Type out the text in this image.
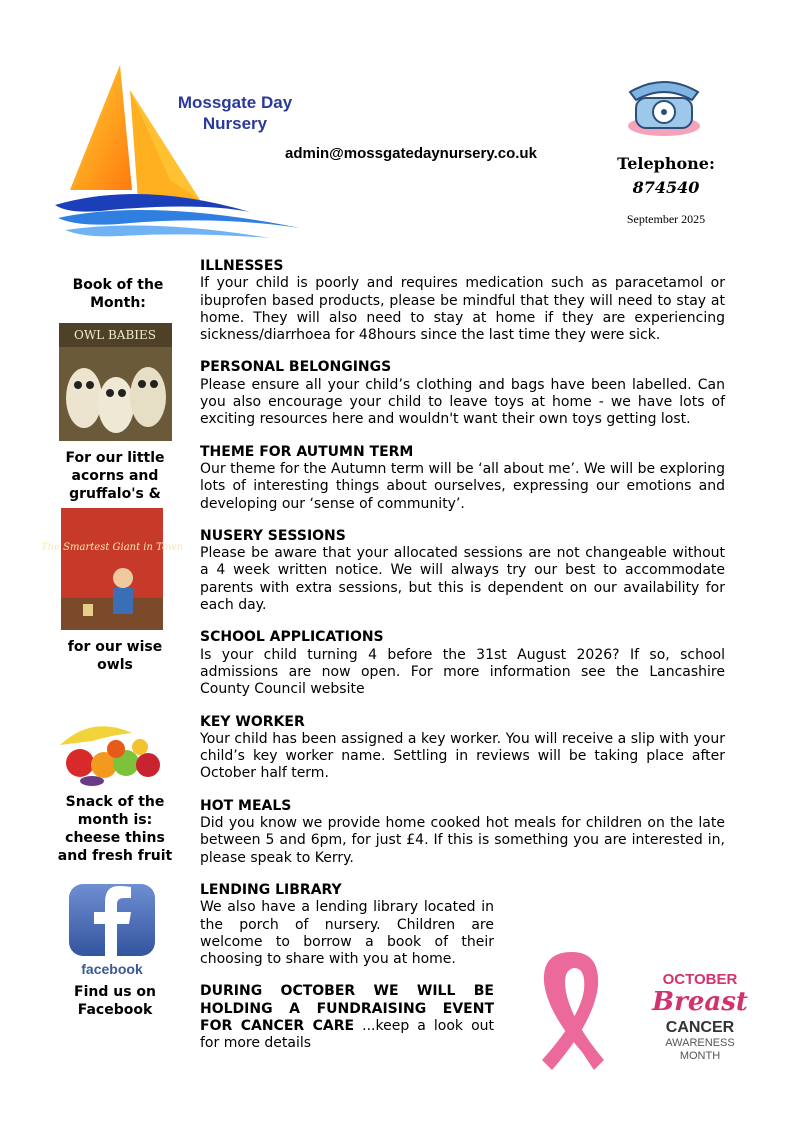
Mossgate Day
Nursery
admin@mossgatedaynursery.co.uk
Telephone:
874540
September 2025
Book of the Month:
OWL BABIES
For our little acorns and gruffalo's &
The Smartest Giant in Town
for our wise owls
Snack of the month is: cheese thins and fresh fruit
facebook
Find us on Facebook
ILLNESSES

If your child is poorly and requires medication such as paracetamol or ibuprofen based products, please be mindful that they will need to stay at home. They will also need to stay at home if they are experiencing sickness/diarrhoea for 48hours since the last time they were sick.

PERSONAL BELONGINGS

Please ensure all your child’s clothing and bags have been labelled. Can you also encourage your child to leave toys at home - we have lots of exciting resources here and wouldn't want their own toys getting lost.

THEME FOR AUTUMN TERM

Our theme for the Autumn term will be ‘all about me’. We will be exploring lots of interesting things about ourselves, expressing our emotions and developing our ‘sense of community’.

NUSERY SESSIONS

Please be aware that your allocated sessions are not changeable without a 4 week written notice. We will always try our best to accommodate parents with extra sessions, but this is dependent on our availability for each day.

SCHOOL APPLICATIONS

Is your child turning 4 before the 31st August 2026? If so, school admissions are now open. For more information see the Lancashire County Council website

KEY WORKER

Your child has been assigned a key worker. You will receive a slip with your child’s key worker name. Settling in reviews will be taking place after October half term.

HOT MEALS

Did you know we provide home cooked hot meals for children on the late between 5 and 6pm, for just £4. If this is something you are interested in, please speak to Kerry.

LENDING LIBRARY

We also have a lending library located in the porch of nursery. Children are welcome to borrow a book of their choosing to share with you at home.

DURING OCTOBER WE WILL BE HOLDING A FUNDRAISING EVENT FOR CANCER CARE ...keep a look out for more details
OCTOBER
Breast
CANCER
AWARENESS
MONTH
